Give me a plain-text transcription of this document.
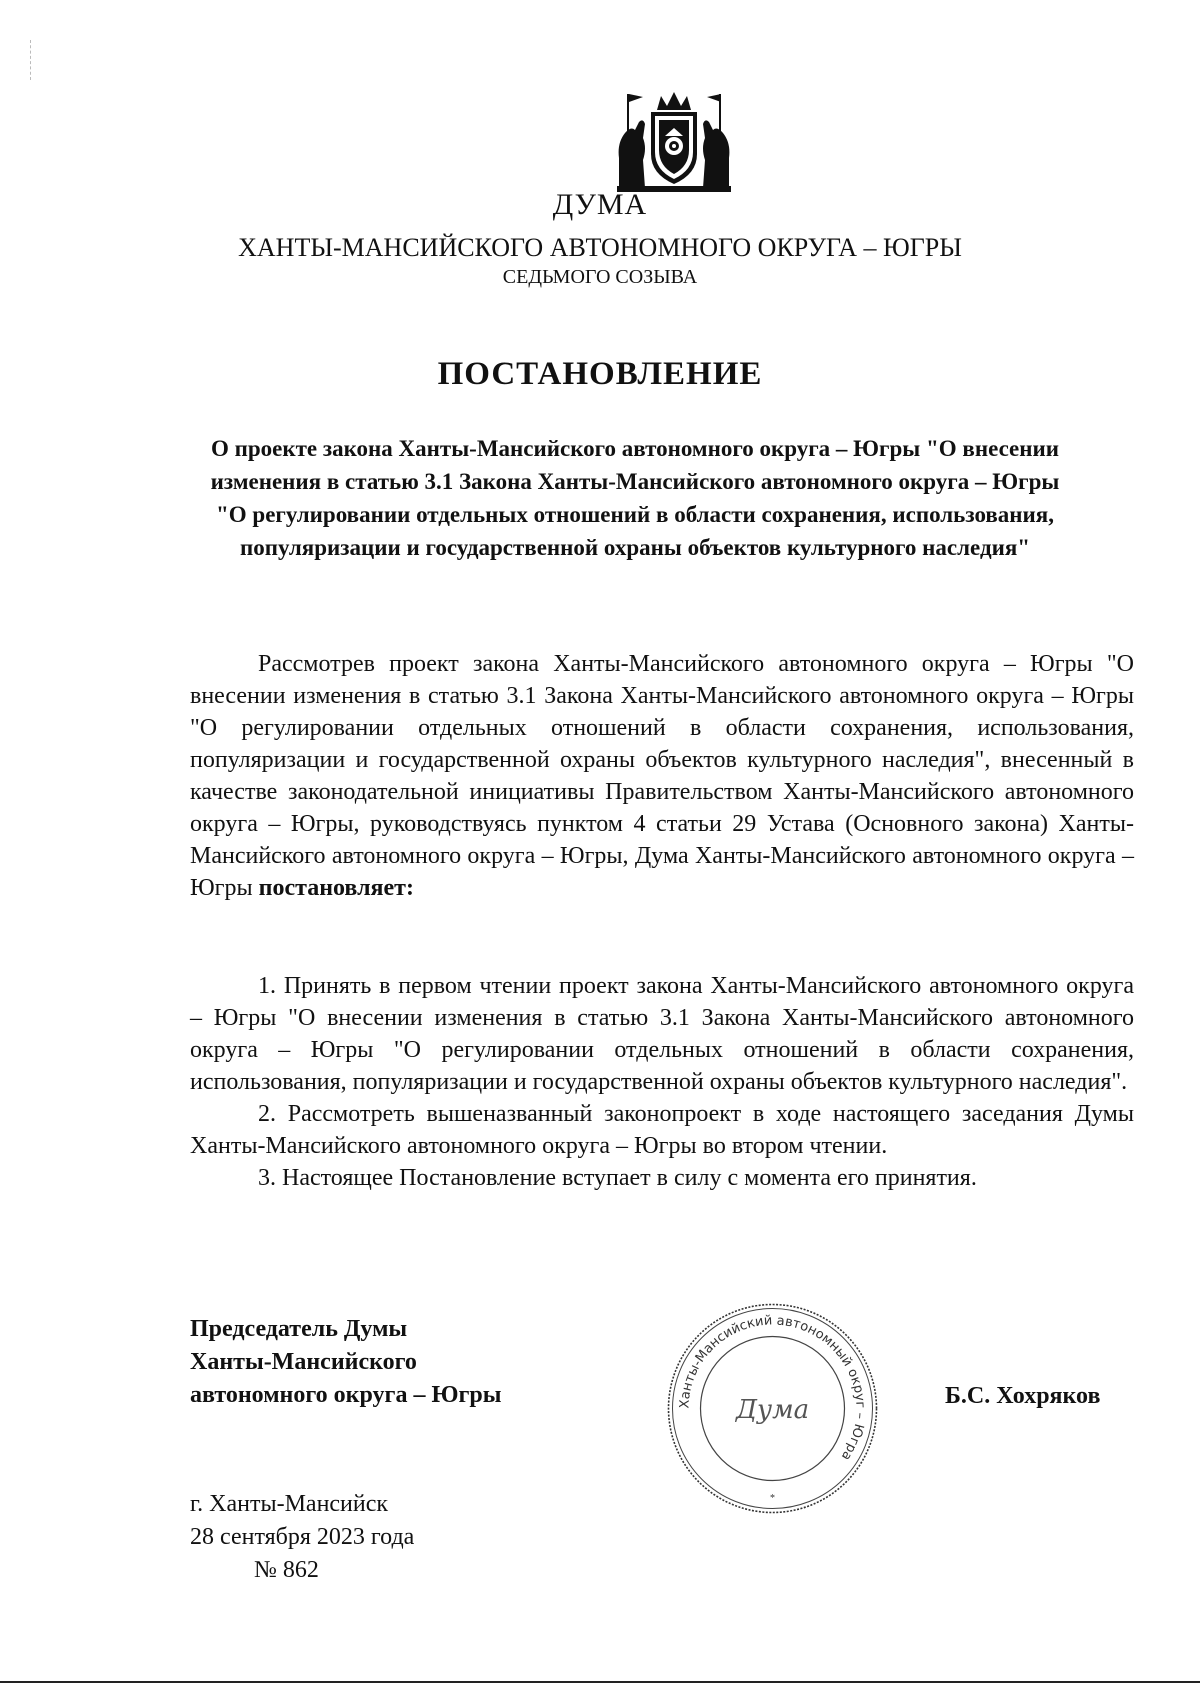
ДУМА
ХАНТЫ-МАНСИЙСКОГО АВТОНОМНОГО ОКРУГА – ЮГРЫ
СЕДЬМОГО СОЗЫВА
ПОСТАНОВЛЕНИЕ
О проекте закона Ханты-Мансийского автономного округа – Югры "О внесении изменения в статью 3.1 Закона Ханты-Мансийского автономного округа – Югры "О регулировании отдельных отношений в области сохранения, использования, популяризации и государственной охраны объектов культурного наследия"

Рассмотрев проект закона Ханты-Мансийского автономного округа – Югры "О внесении изменения в статью 3.1 Закона Ханты-Мансийского автономного округа – Югры "О регулировании отдельных отношений в области сохранения, использования, популяризации и государственной охраны объектов культурного наследия", внесенный в качестве законодательной инициативы Правительством Ханты-Мансийского автономного округа – Югры, руководствуясь пунктом 4 статьи 29 Устава (Основного закона) Ханты-Мансийского автономного округа – Югры, Дума Ханты-Мансийского автономного округа – Югры постановляет:

1. Принять в первом чтении проект закона Ханты-Мансийского автономного округа – Югры "О внесении изменения в статью 3.1 Закона Ханты-Мансийского автономного округа – Югры "О регулировании отдельных отношений в области сохранения, использования, популяризации и государственной охраны объектов культурного наследия".

2. Рассмотреть вышеназванный законопроект в ходе настоящего заседания Думы Ханты-Мансийского автономного округа – Югры во втором чтении.

3. Настоящее Постановление вступает в силу с момента его принятия.

Председатель Думы
Ханты-Мансийского
автономного округа – Югры	Ханты-Мансийский автономный округ – Югра
Дума
*
Б.С. Хохряков
г. Ханты-Мансийск
28 сентября 2023 года
№ 862
